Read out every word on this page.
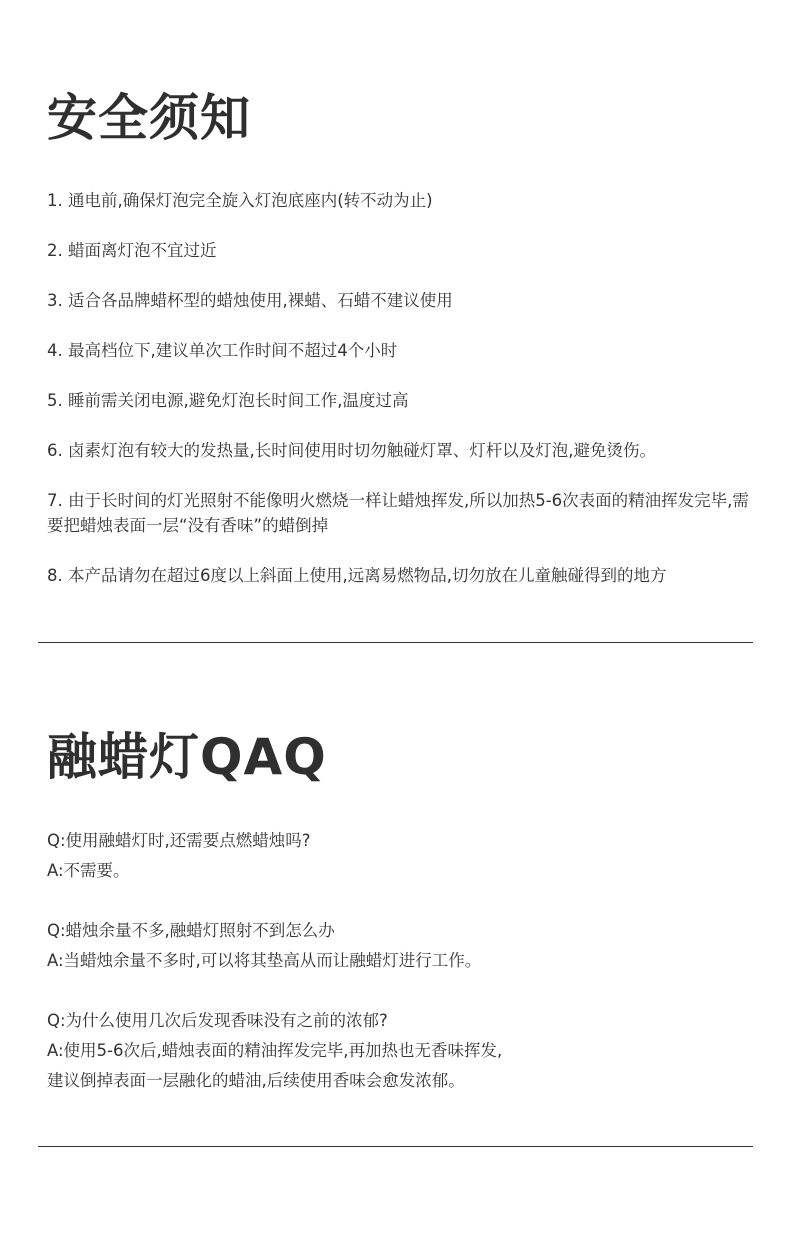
安全须知
1. 通电前,确保灯泡完全旋入灯泡底座内(转不动为止)
2. 蜡面离灯泡不宜过近
3. 适合各品牌蜡杯型的蜡烛使用,裸蜡、石蜡不建议使用
4. 最高档位下,建议单次工作时间不超过4个小时
5. 睡前需关闭电源,避免灯泡长时间工作,温度过高
6. 卤素灯泡有较大的发热量,长时间使用时切勿触碰灯罩、灯杆以及灯泡,避免烫伤。
7. 由于长时间的灯光照射不能像明火燃烧一样让蜡烛挥发,所以加热5-6次表面的精油挥发完毕,需要把蜡烛表面一层“没有香味”的蜡倒掉
8. 本产品请勿在超过6度以上斜面上使用,远离易燃物品,切勿放在儿童触碰得到的地方
融蜡灯QAQ
Q:使用融蜡灯时,还需要点燃蜡烛吗?
A:不需要。
Q:蜡烛余量不多,融蜡灯照射不到怎么办
A:当蜡烛余量不多时,可以将其垫高从而让融蜡灯进行工作。
Q:为什么使用几次后发现香味没有之前的浓郁?
A:使用5-6次后,蜡烛表面的精油挥发完毕,再加热也无香味挥发,
建议倒掉表面一层融化的蜡油,后续使用香味会愈发浓郁。
